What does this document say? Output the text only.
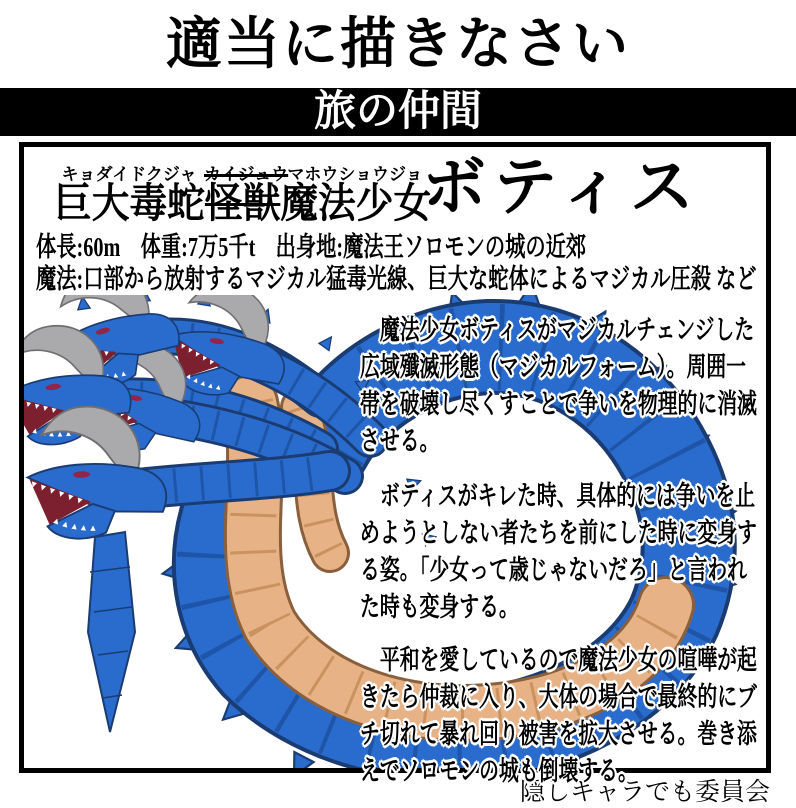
適当に描きなさい
旅の仲間
キョダイドクジャ カイジュウ マホウショウジョ
巨大毒蛇怪獣魔法少女
ボティス
体長:60m　体重:7万5千t　出身地:魔法王ソロモンの城の近郊
魔法:口部から放射するマジカル猛毒光線、巨大な蛇体によるマジカル圧殺 など
　魔法少女ボティスがマジカルチェンジした広域殲滅形態（マジカルフォーム）。周囲一帯を破壊し尽くすことで争いを物理的に消滅させる。
　ボティスがキレた時、具体的には争いを止めようとしない者たちを前にした時に変身する姿。「少女って歳じゃないだろ」と言われた時も変身する。
　平和を愛しているので魔法少女の喧嘩が起きたら仲裁に入り、大体の場合で最終的にブチ切れて暴れ回り被害を拡大させる。巻き添えでソロモンの城も倒壊する。
隠しキャラでも委員会
